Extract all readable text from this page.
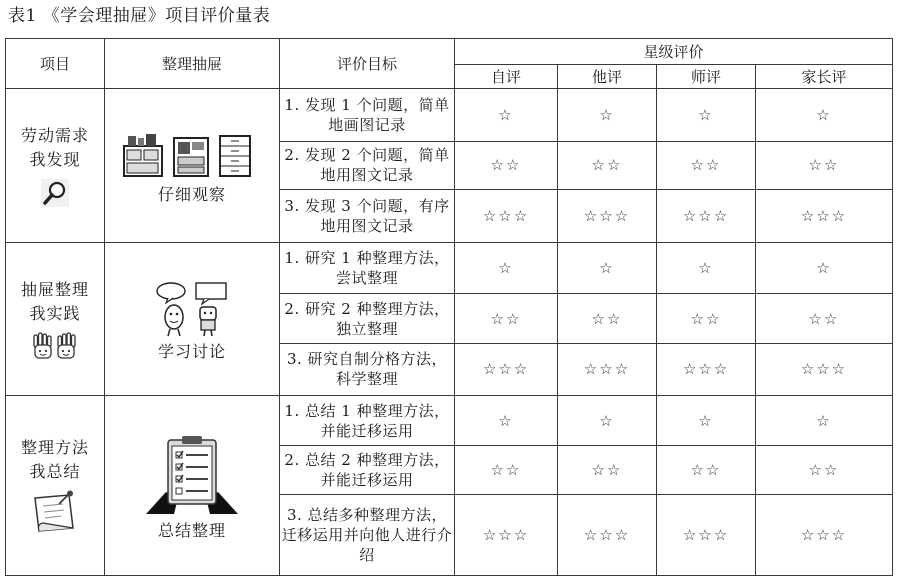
表1 《学会理抽屉》项目评价量表
项目	整理抽屉	评价目标	星级评价			
			自评	他评	师评	家长评

劳动需求
我发现	仔细观察	1. 发现 1 个问题，简单地画图记录	☆	☆	☆	☆
		2. 发现 2 个问题，简单地用图文记录	☆☆	☆☆	☆☆	☆☆
		3. 发现 3 个问题，有序地用图文记录	☆☆☆	☆☆☆	☆☆☆	☆☆☆

抽屉整理
我实践	学习讨论	1. 研究 1 种整理方法，尝试整理	☆	☆	☆	☆
		2. 研究 2 种整理方法，独立整理	☆☆	☆☆	☆☆	☆☆
		3. 研究自制分格方法，科学整理	☆☆☆	☆☆☆	☆☆☆	☆☆☆

整理方法
我总结	总结整理	1. 总结 1 种整理方法，并能迁移运用	☆	☆	☆	☆
		2. 总结 2 种整理方法，并能迁移运用	☆☆	☆☆	☆☆	☆☆
		3. 总结多种整理方法，迁移运用并向他人进行介绍	☆☆☆	☆☆☆	☆☆☆	☆☆☆
